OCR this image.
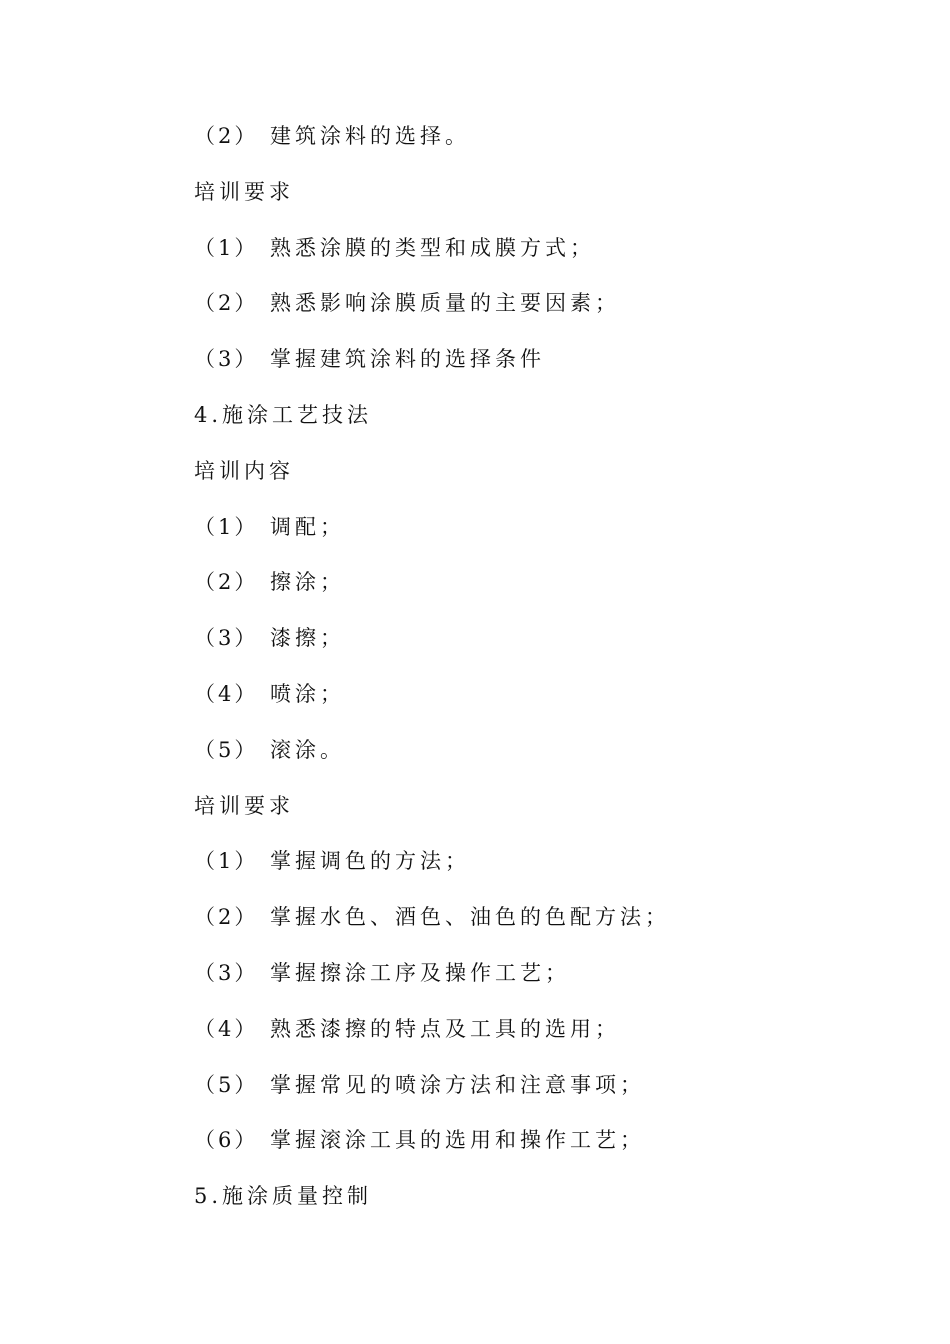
（2） 建筑涂料的选择。
培训要求
（1） 熟悉涂膜的类型和成膜方式；
（2） 熟悉影响涂膜质量的主要因素；
（3） 掌握建筑涂料的选择条件
4.施涂工艺技法
培训内容
（1） 调配；
（2） 擦涂；
（3） 漆擦；
（4） 喷涂；
（5） 滚涂。
培训要求
（1） 掌握调色的方法；
（2） 掌握水色、酒色、油色的色配方法；
（3） 掌握擦涂工序及操作工艺；
（4） 熟悉漆擦的特点及工具的选用；
（5） 掌握常见的喷涂方法和注意事项；
（6） 掌握滚涂工具的选用和操作工艺；
5.施涂质量控制
